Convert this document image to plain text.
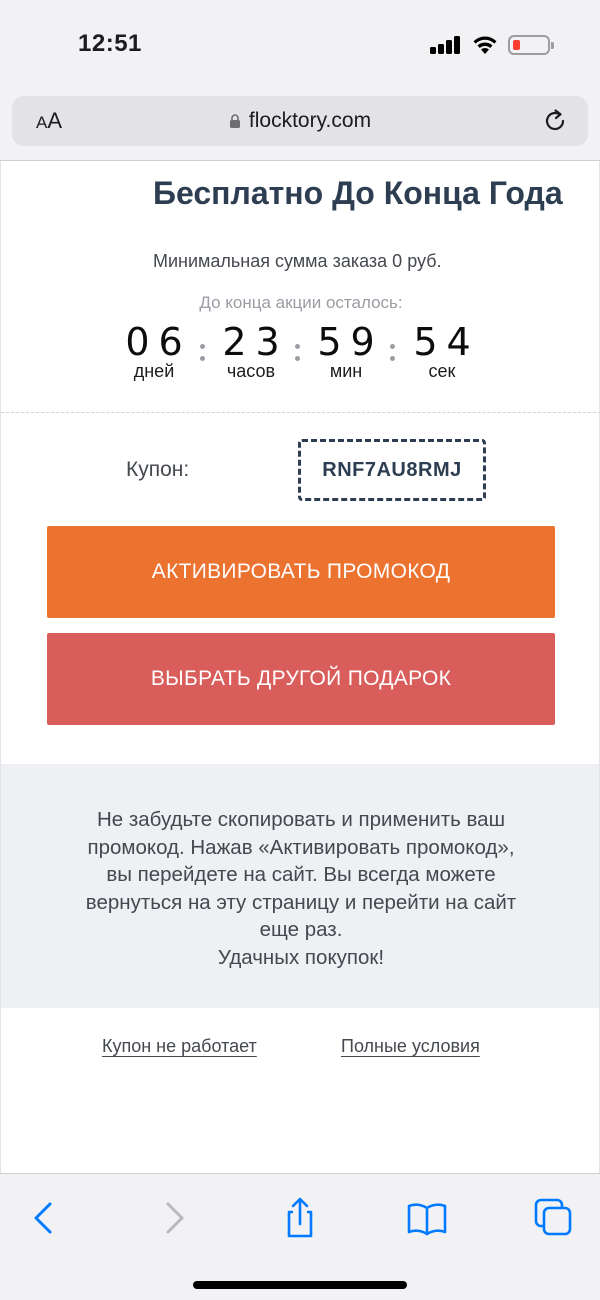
12:51
AA	flocktory.com
Бесплатно До Конца Года
Минимальная сумма заказа 0 руб.
До конца акции осталось:
06
дней
23
часов
59
мин
54
сек
Купон:	RNF7AU8RMJ
АКТИВИРОВАТЬ ПРОМОКОД
ВЫБРАТЬ ДРУГОЙ ПОДАРОК
Не забудьте скопировать и применить ваш
промокод. Нажав «Активировать промокод»,
вы перейдете на сайт. Вы всегда можете
вернуться на эту страницу и перейти на сайт
еще раз.
Удачных покупок!
Купон не работает	Полные условия
